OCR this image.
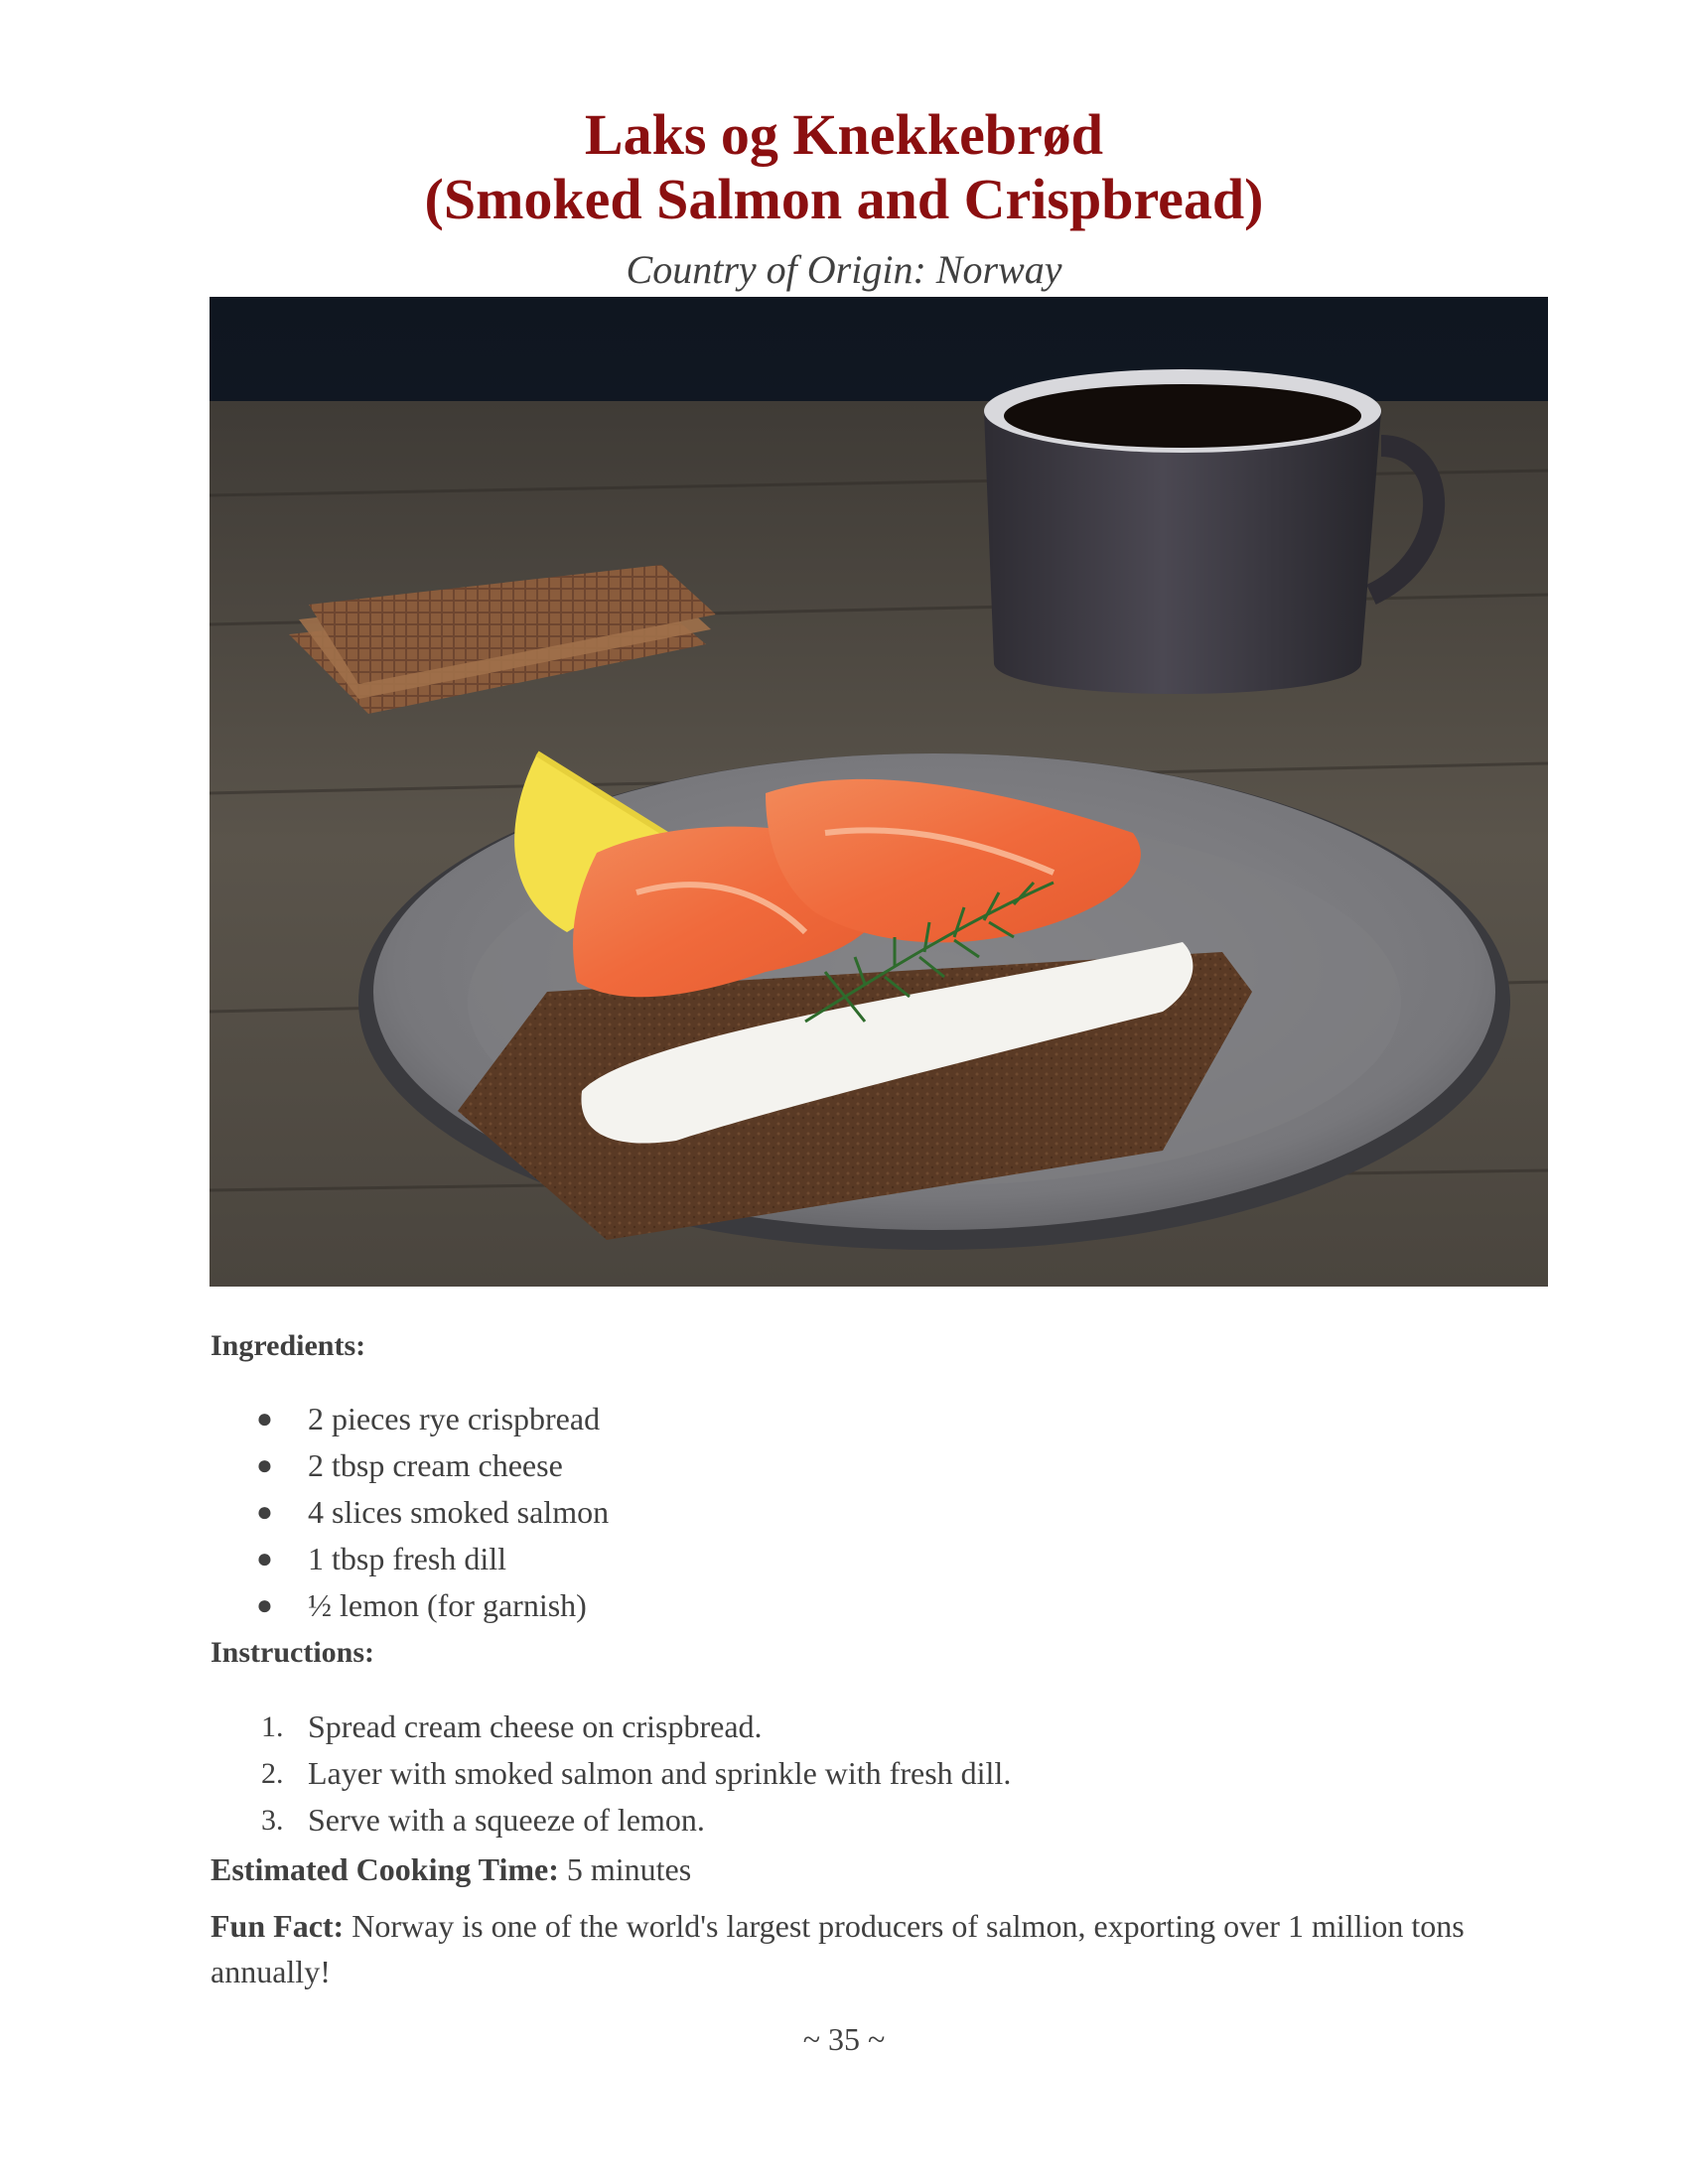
Laks og Knekkebrød
(Smoked Salmon and Crispbread)
Country of Origin: Norway
Ingredients:
● 2 pieces rye crispbread
● 2 tbsp cream cheese
● 4 slices smoked salmon
● 1 tbsp fresh dill
● ½ lemon (for garnish)
Instructions:
1. Spread cream cheese on crispbread.
2. Layer with smoked salmon and sprinkle with fresh dill.
3. Serve with a squeeze of lemon.
Estimated Cooking Time: 5 minutes
Fun Fact: Norway is one of the world's largest producers of salmon, exporting over 1 million tons annually!
~ 35 ~
